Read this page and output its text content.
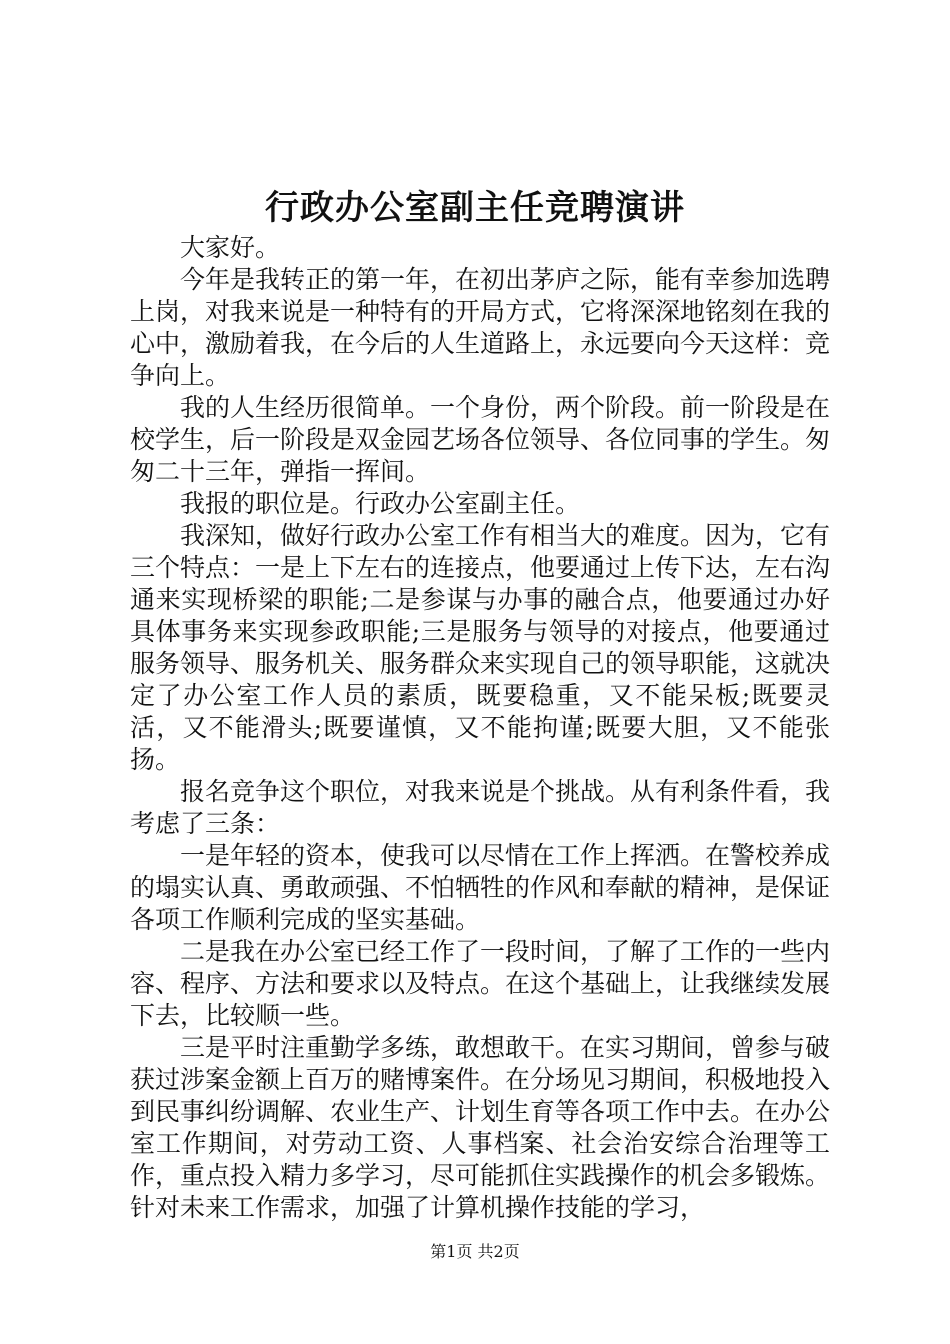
行政办公室副主任竞聘演讲

大家好。

今年是我转正的第一年，在初出茅庐之际，能有幸参加选聘上岗，对我来说是一种特有的开局方式，它将深深地铭刻在我的心中，激励着我，在今后的人生道路上，永远要向今天这样：竞争向上。

我的人生经历很简单。一个身份，两个阶段。前一阶段是在校学生，后一阶段是双金园艺场各位领导、各位同事的学生。匆匆二十三年，弹指一挥间。

我报的职位是。行政办公室副主任。

我深知，做好行政办公室工作有相当大的难度。因为，它有三个特点：一是上下左右的连接点，他要通过上传下达，左右沟通来实现桥梁的职能;二是参谋与办事的融合点，他要通过办好具体事务来实现参政职能;三是服务与领导的对接点，他要通过服务领导、服务机关、服务群众来实现自己的领导职能，这就决定了办公室工作人员的素质，既要稳重，又不能呆板;既要灵活，又不能滑头;既要谨慎，又不能拘谨;既要大胆，又不能张扬。

报名竞争这个职位，对我来说是个挑战。从有利条件看，我考虑了三条：

一是年轻的资本，使我可以尽情在工作上挥洒。在警校养成的塌实认真、勇敢顽强、不怕牺牲的作风和奉献的精神，是保证各项工作顺利完成的坚实基础。

二是我在办公室已经工作了一段时间，了解了工作的一些内容、程序、方法和要求以及特点。在这个基础上，让我继续发展下去，比较顺一些。

三是平时注重勤学多练，敢想敢干。在实习期间，曾参与破获过涉案金额上百万的赌博案件。在分场见习期间，积极地投入到民事纠纷调解、农业生产、计划生育等各项工作中去。在办公室工作期间，对劳动工资、人事档案、社会治安综合治理等工作，重点投入精力多学习，尽可能抓住实践操作的机会多锻炼。针对未来工作需求，加强了计算机操作技能的学习，

第1页 共2页
